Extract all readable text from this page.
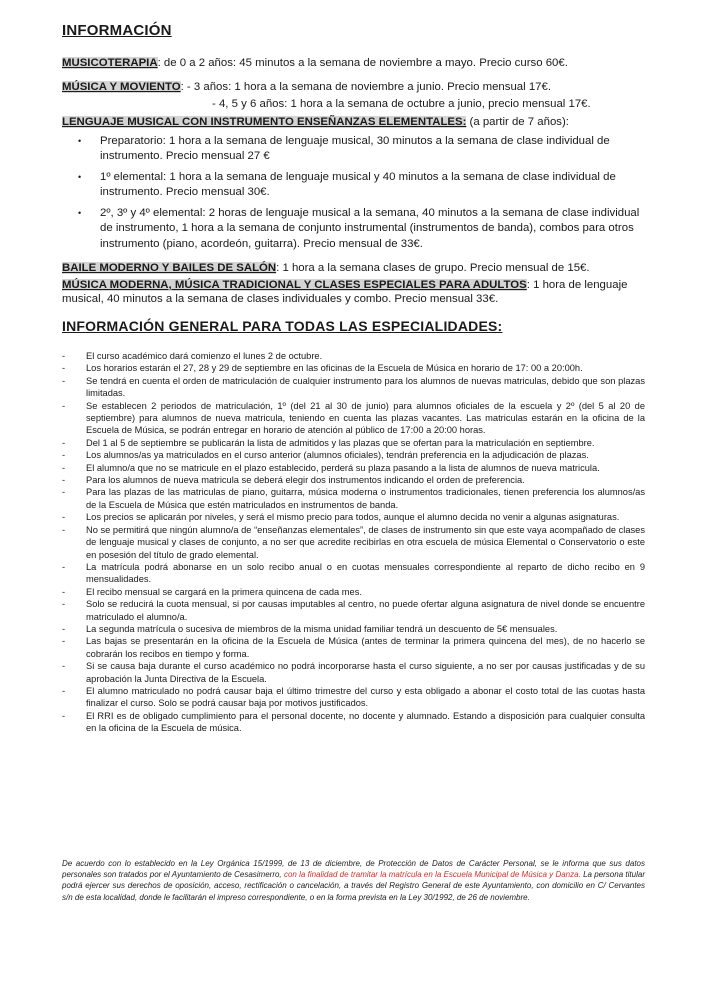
INFORMACIÓN
MUSICOTERAPIA: de 0 a 2 años: 45 minutos a la semana de noviembre a mayo. Precio curso 60€.
MÚSICA Y MOVIENTO: - 3 años: 1 hora a la semana de noviembre a junio. Precio mensual 17€.
- 4, 5 y 6 años: 1 hora a la semana de octubre a junio, precio mensual 17€.
LENGUAJE MUSICAL CON INSTRUMENTO ENSEÑANZAS ELEMENTALES: (a partir de 7 años):
•	Preparatorio: 1 hora a la semana de lenguaje musical, 30 minutos a la semana de clase individual de instrumento. Precio mensual 27 €
•	1º elemental: 1 hora a la semana de lenguaje musical y 40 minutos a la semana de clase individual de instrumento. Precio mensual 30€.
•	2º, 3º y 4º elemental: 2 horas de lenguaje musical a la semana, 40 minutos a la semana de clase individual de instrumento, 1 hora a la semana de conjunto instrumental (instrumentos de banda), combos para otros instrumento (piano, acordeón, guitarra). Precio mensual de 33€.
BAILE MODERNO Y BAILES DE SALÓN: 1 hora a la semana clases de grupo. Precio mensual de 15€.
MÚSICA MODERNA, MÚSICA TRADICIONAL Y CLASES ESPECIALES PARA ADULTOS: 1 hora de lenguaje musical, 40 minutos a la semana de clases individuales y combo. Precio mensual 33€.
INFORMACIÓN GENERAL PARA TODAS LAS ESPECIALIDADES:

- El curso académico dará comienzo el lunes 2 de octubre.

- Los horarios estarán el 27, 28 y 29 de septiembre en las oficinas de la Escuela de Música en horario de 17: 00 a 20:00h.

- Se tendrá en cuenta el orden de matriculación de cualquier instrumento para los alumnos de nuevas matriculas, debido que son plazas limitadas.

- Se establecen 2 periodos de matriculación, 1º (del 21 al 30 de junio) para alumnos oficiales de la escuela y 2º (del 5 al 20 de septiembre) para alumnos de nueva matricula, teniendo en cuenta las plazas vacantes. Las matriculas estarán en la oficina de la Escuela de Música, se podrán entregar en horario de atención al público de 17:00 a 20:00 horas.

- Del 1 al 5 de septiembre se publicarán la lista de admitidos y las plazas que se ofertan para la matriculación en septiembre.

- Los alumnos/as ya matriculados en el curso anterior (alumnos oficiales), tendrán preferencia en la adjudicación de plazas.

- El alumno/a que no se matricule en el plazo establecido, perderá su plaza pasando a la lista de alumnos de nueva matricula.

- Para los alumnos de nueva matricula se deberá elegir dos instrumentos indicando el orden de preferencia.

- Para las plazas de las matriculas de piano, guitarra, música moderna o instrumentos tradicionales, tienen preferencia los alumnos/as de la Escuela de Música que estén matriculados en instrumentos de banda.

- Los precios se aplicarán por niveles, y será el mismo precio para todos, aunque el alumno decida no venir a algunas asignaturas.

- No se permitirá que ningún alumno/a de “enseñanzas elementales”, de clases de instrumento sin que este vaya acompañado de clases de lenguaje musical y clases de conjunto, a no ser que acredite recibirlas en otra escuela de música Elemental o Conservatorio o este en posesión del título de grado elemental.

- La matrícula podrá abonarse en un solo recibo anual o en cuotas mensuales correspondiente al reparto de dicho recibo en 9 mensualidades.

- El recibo mensual se cargará en la primera quincena de cada mes.

- Solo se reducirá la cuota mensual, si por causas imputables al centro, no puede ofertar alguna asignatura de nivel donde se encuentre matriculado el alumno/a.

- La segunda matrícula o sucesiva de miembros de la misma unidad familiar tendrá un descuento de 5€ mensuales.

- Las bajas se presentarán en la oficina de la Escuela de Música (antes de terminar la primera quincena del mes), de no hacerlo se cobrarán los recibos en tiempo y forma.

- Si se causa baja durante el curso académico no podrá incorporarse hasta el curso siguiente, a no ser por causas justificadas y de su aprobación la Junta Directiva de la Escuela.

- El alumno matriculado no podrá causar baja el último trimestre del curso y esta obligado a abonar el costo total de las cuotas hasta finalizar el curso. Solo se podrá causar baja por motivos justificados.

- El RRI es de obligado cumplimiento para el personal docente, no docente y alumnado. Estando a disposición para cualquier consulta en la oficina de la Escuela de música.

De acuerdo con lo establecido en la Ley Orgánica 15/1999, de 13 de diciembre, de Protección de Datos de Carácter Personal, se le informa que sus datos personales son tratados por el Ayuntamiento de Cesasimerro, con la finalidad de tramitar la matrícula en la Escuela Municipal de Música y Danza. La persona titular podrá ejercer sus derechos de oposición, acceso, rectificación o cancelación, a través del Registro General de este Ayuntamiento, con domicilio en C/ Cervantes s/n de esta localidad, donde le facilitarán el impreso correspondiente, o en la forma prevista en la Ley 30/1992, de 26 de noviembre.
